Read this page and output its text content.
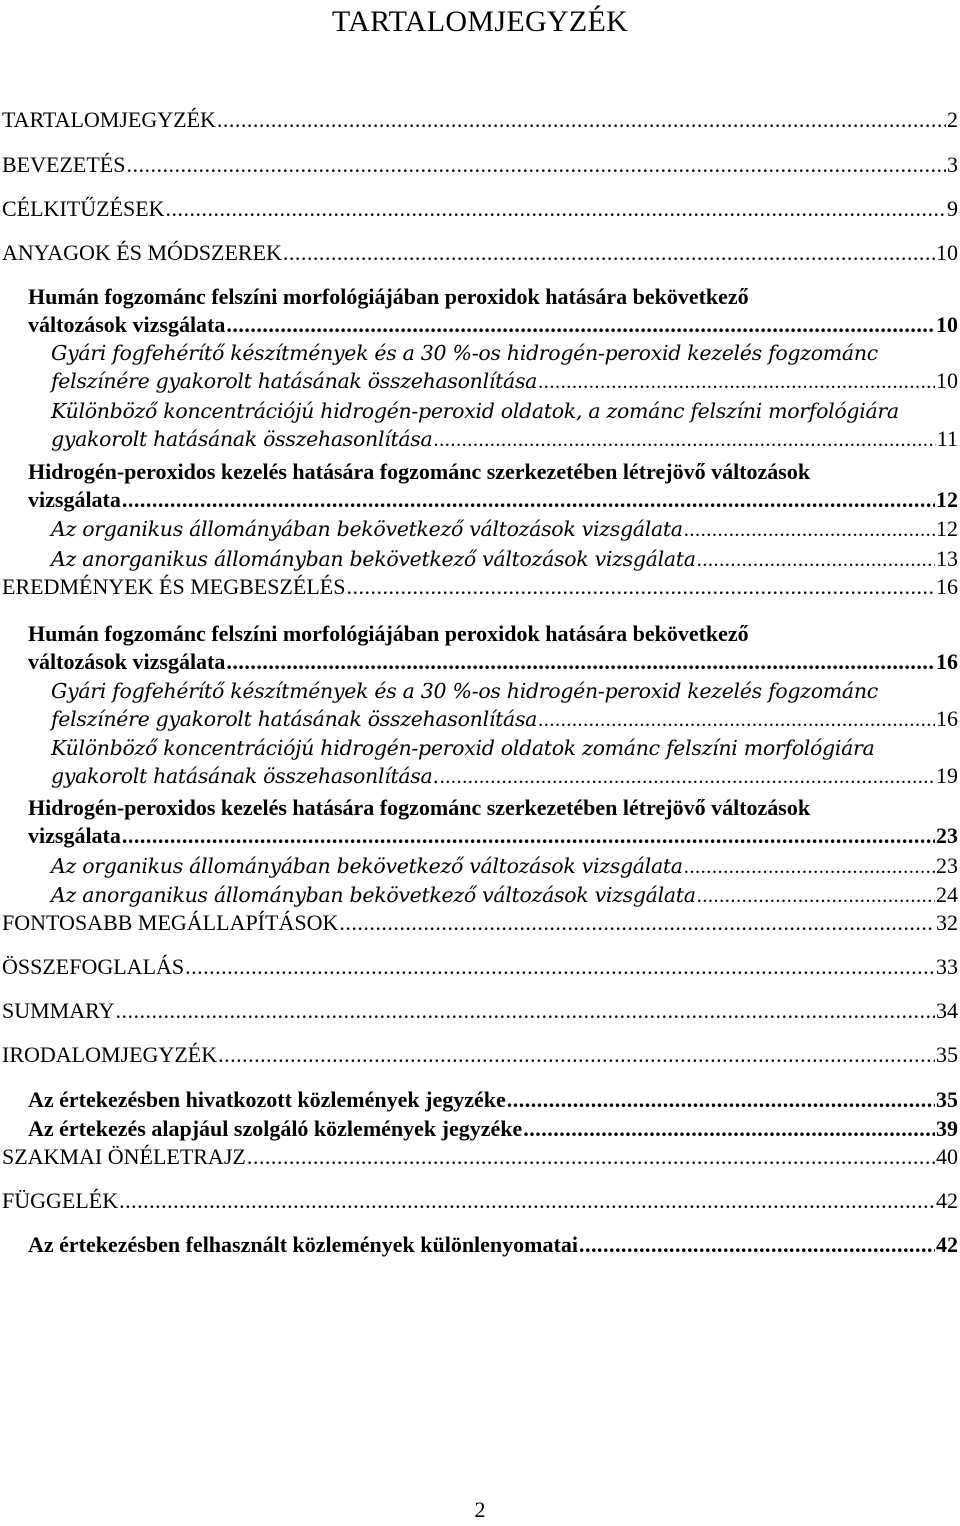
TARTALOMJEGYZÉK
TARTALOMJEGYZÉK .....	2
BEVEZETÉS .....	3
CÉLKITŰZÉSEK .....	9
ANYAGOK ÉS MÓDSZEREK .....	10
Humán fogzománc felszíni morfológiájában peroxidok hatására bekövetkező
változások vizsgálata .....	10
Gyári fogfehérítő készítmények és a 30 %-os hidrogén-peroxid kezelés fogzománc
felszínére gyakorolt hatásának összehasonlítása .....	10
Különböző koncentrációjú hidrogén-peroxid oldatok, a zománc felszíni morfológiára
gyakorolt hatásának összehasonlítása .....	11
Hidrogén-peroxidos kezelés hatására fogzománc szerkezetében létrejövő változások
vizsgálata .....	12
Az organikus állományában bekövetkező változások vizsgálata .....	12
Az anorganikus állományban bekövetkező változások vizsgálata .....	13
EREDMÉNYEK ÉS MEGBESZÉLÉS .....	16
Humán fogzománc felszíni morfológiájában peroxidok hatására bekövetkező
változások vizsgálata .....	16
Gyári fogfehérítő készítmények és a 30 %-os hidrogén-peroxid kezelés fogzománc
felszínére gyakorolt hatásának összehasonlítása .....	16
Különböző koncentrációjú hidrogén-peroxid oldatok zománc felszíni morfológiára
gyakorolt hatásának összehasonlítása. .....	19
Hidrogén-peroxidos kezelés hatására fogzománc szerkezetében létrejövő változások
vizsgálata .....	23
Az organikus állományában bekövetkező változások vizsgálata .....	23
Az anorganikus állományban bekövetkező változások vizsgálata .....	24
FONTOSABB MEGÁLLAPÍTÁSOK .....	32
ÖSSZEFOGLALÁS .....	33
SUMMARY .....	34
IRODALOMJEGYZÉK .....	35
Az értekezésben hivatkozott közlemények jegyzéke .....	35
Az értekezés alapjául szolgáló közlemények jegyzéke .....	39
SZAKMAI ÖNÉLETRAJZ .....	40
FÜGGELÉK .....	42
Az értekezésben felhasznált közlemények különlenyomatai .....	42
2
